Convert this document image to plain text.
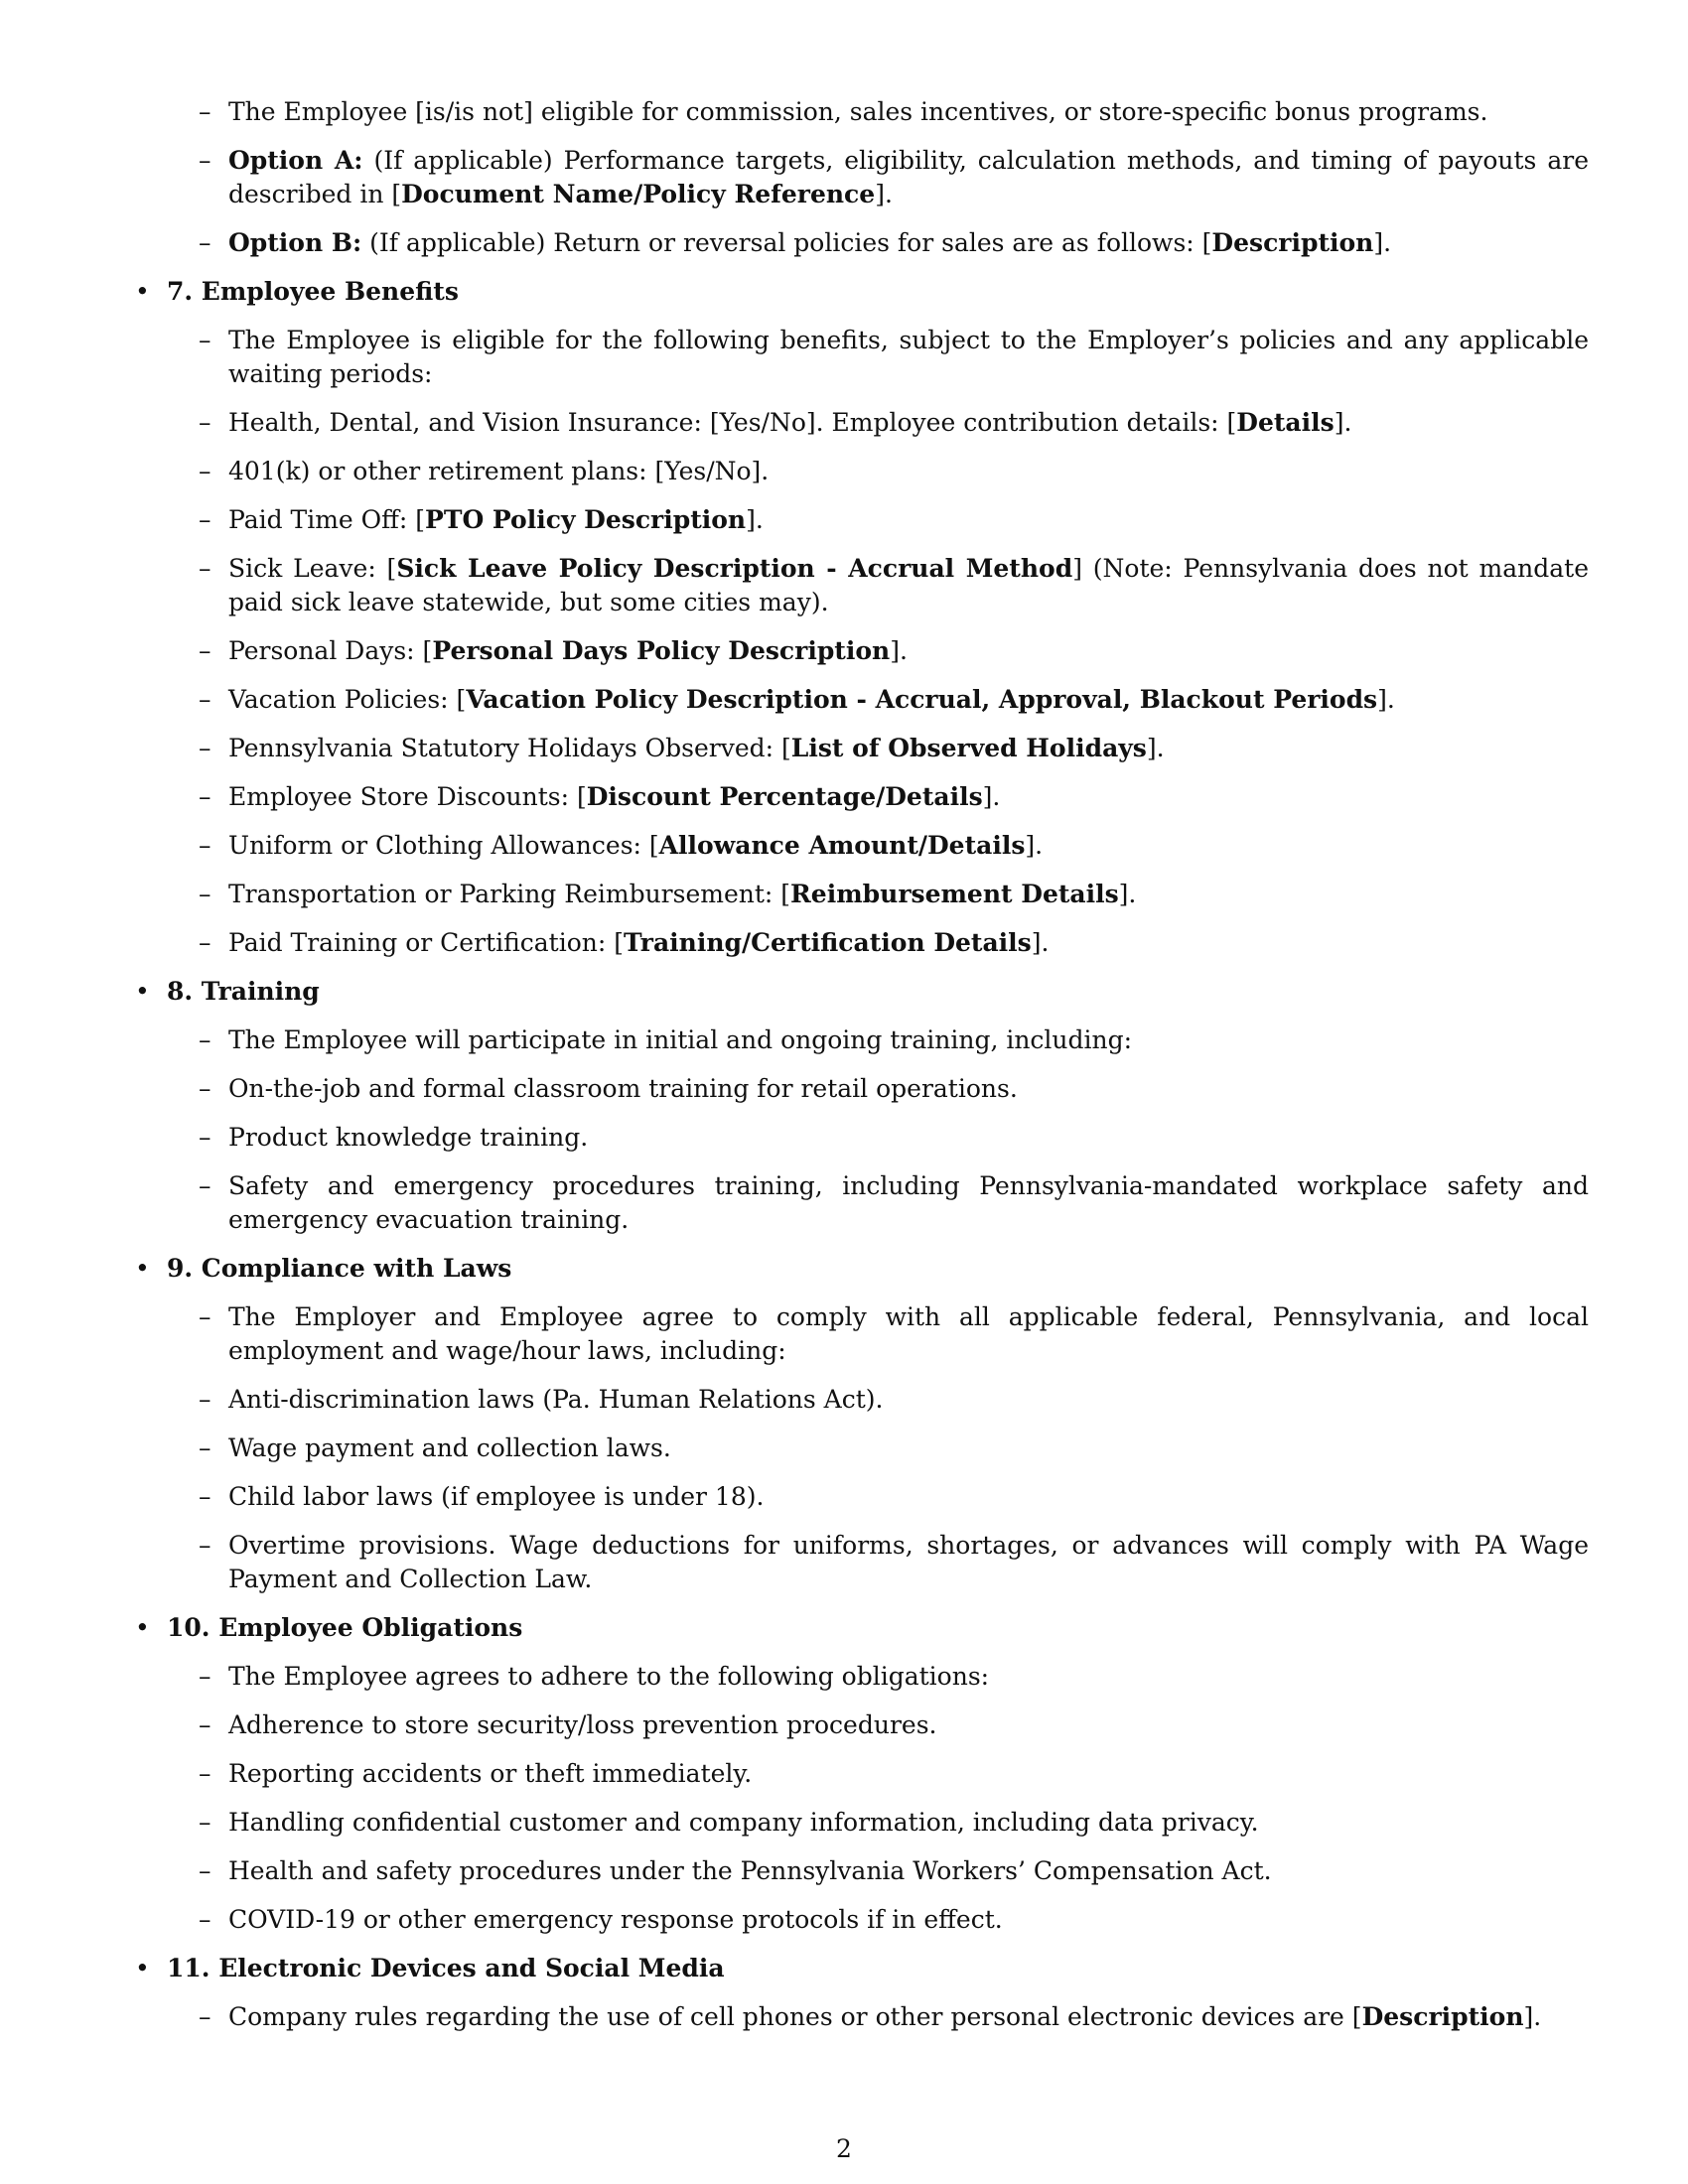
– The Employee [is/is not] eligible for commission, sales incentives, or store-specific bonus programs.
– Option A: (If applicable) Performance targets, eligibility, calculation methods, and timing of payouts are described in [Document Name/Policy Reference].
– Option B: (If applicable) Return or reversal policies for sales are as follows: [Description].
• 7. Employee Benefits
– The Employee is eligible for the following benefits, subject to the Employer’s policies and any applicable waiting periods:
– Health, Dental, and Vision Insurance: [Yes/No]. Employee contribution details: [Details].
– 401(k) or other retirement plans: [Yes/No].
– Paid Time Off: [PTO Policy Description].
– Sick Leave: [Sick Leave Policy Description - Accrual Method] (Note: Pennsylvania does not mandate paid sick leave statewide, but some cities may).
– Personal Days: [Personal Days Policy Description].
– Vacation Policies: [Vacation Policy Description - Accrual, Approval, Blackout Periods].
– Pennsylvania Statutory Holidays Observed: [List of Observed Holidays].
– Employee Store Discounts: [Discount Percentage/Details].
– Uniform or Clothing Allowances: [Allowance Amount/Details].
– Transportation or Parking Reimbursement: [Reimbursement Details].
– Paid Training or Certification: [Training/Certification Details].
• 8. Training
– The Employee will participate in initial and ongoing training, including:
– On-the-job and formal classroom training for retail operations.
– Product knowledge training.
– Safety and emergency procedures training, including Pennsylvania-mandated workplace safety and emergency evacuation training.
• 9. Compliance with Laws
– The Employer and Employee agree to comply with all applicable federal, Pennsylvania, and local employment and wage/hour laws, including:
– Anti-discrimination laws (Pa. Human Relations Act).
– Wage payment and collection laws.
– Child labor laws (if employee is under 18).
– Overtime provisions. Wage deductions for uniforms, shortages, or advances will comply with PA Wage Payment and Collection Law.
• 10. Employee Obligations
– The Employee agrees to adhere to the following obligations:
– Adherence to store security/loss prevention procedures.
– Reporting accidents or theft immediately.
– Handling confidential customer and company information, including data privacy.
– Health and safety procedures under the Pennsylvania Workers’ Compensation Act.
– COVID-19 or other emergency response protocols if in effect.
• 11. Electronic Devices and Social Media
– Company rules regarding the use of cell phones or other personal electronic devices are [Description].
2
